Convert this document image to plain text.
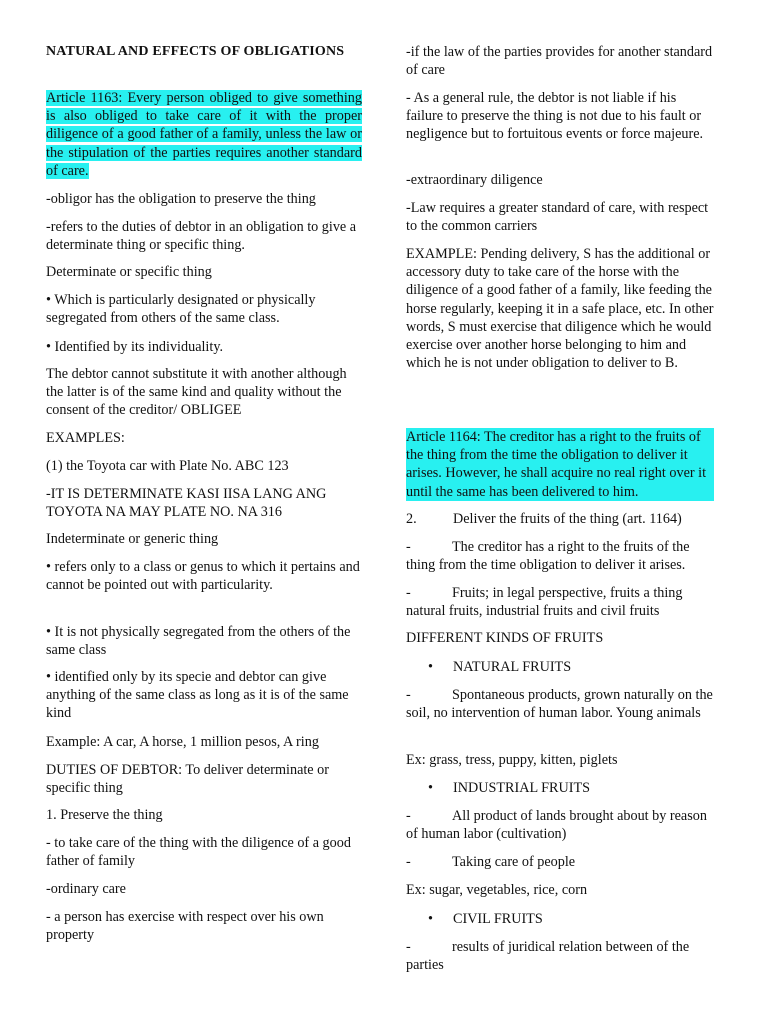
NATURAL AND EFFECTS OF OBLIGATIONS
Article 1163: Every person obliged to give something is also obliged to take care of it with the proper diligence of a good father of a family, unless the law or the stipulation of the parties requires another standard of care.
-obligor has the obligation to preserve the thing
-refers to the duties of debtor in an obligation to give a determinate thing or specific thing.
Determinate or specific thing
• Which is particularly designated or physically segregated from others of the same class.
• Identified by its individuality.
The debtor cannot substitute it with another although the latter is of the same kind and quality without the consent of the creditor/ OBLIGEE
EXAMPLES:
(1) the Toyota car with Plate No. ABC 123
-IT IS DETERMINATE KASI IISA LANG ANG TOYOTA NA MAY PLATE NO. NA 316
Indeterminate or generic thing
• refers only to a class or genus to which it pertains and cannot be pointed out with particularity.
• It is not physically segregated from the others of the same class
• identified only by its specie and debtor can give anything of the same class as long as it is of the same kind
Example: A car, A horse, 1 million pesos, A ring
DUTIES OF DEBTOR: To deliver determinate or specific thing
1. Preserve the thing
- to take care of the thing with the diligence of a good father of family
-ordinary care
- a person has exercise with respect over his own property
-if the law of the parties provides for another standard of care
- As a general rule, the debtor is not liable if his failure to preserve the thing is not due to his fault or negligence but to fortuitous events or force majeure.
-extraordinary diligence
-Law requires a greater standard of care, with respect to the common carriers
EXAMPLE: Pending delivery, S has the additional or accessory duty to take care of the horse with the diligence of a good father of a family, like feeding the horse regularly, keeping it in a safe place, etc. In other words, S must exercise that diligence which he would exercise over another horse belonging to him and which he is not under obligation to deliver to B.
Article 1164: The creditor has a right to the fruits of the thing from the time the obligation to deliver it arises. However, he shall acquire no real right over it until the same has been delivered to him.
2.	Deliver the fruits of the thing (art. 1164)
-	The creditor has a right to the fruits of the thing from the time obligation to deliver it arises.
-	Fruits; in legal perspective, fruits a thing natural fruits, industrial fruits and civil fruits
DIFFERENT KINDS OF FRUITS
• NATURAL FRUITS
-	Spontaneous products, grown naturally on the soil, no intervention of human labor. Young animals
Ex: grass, tress, puppy, kitten, piglets
• INDUSTRIAL FRUITS
-	All product of lands brought about by reason of human labor (cultivation)
-	Taking care of people
Ex: sugar, vegetables, rice, corn
• CIVIL FRUITS
-	results of juridical relation between of the parties
